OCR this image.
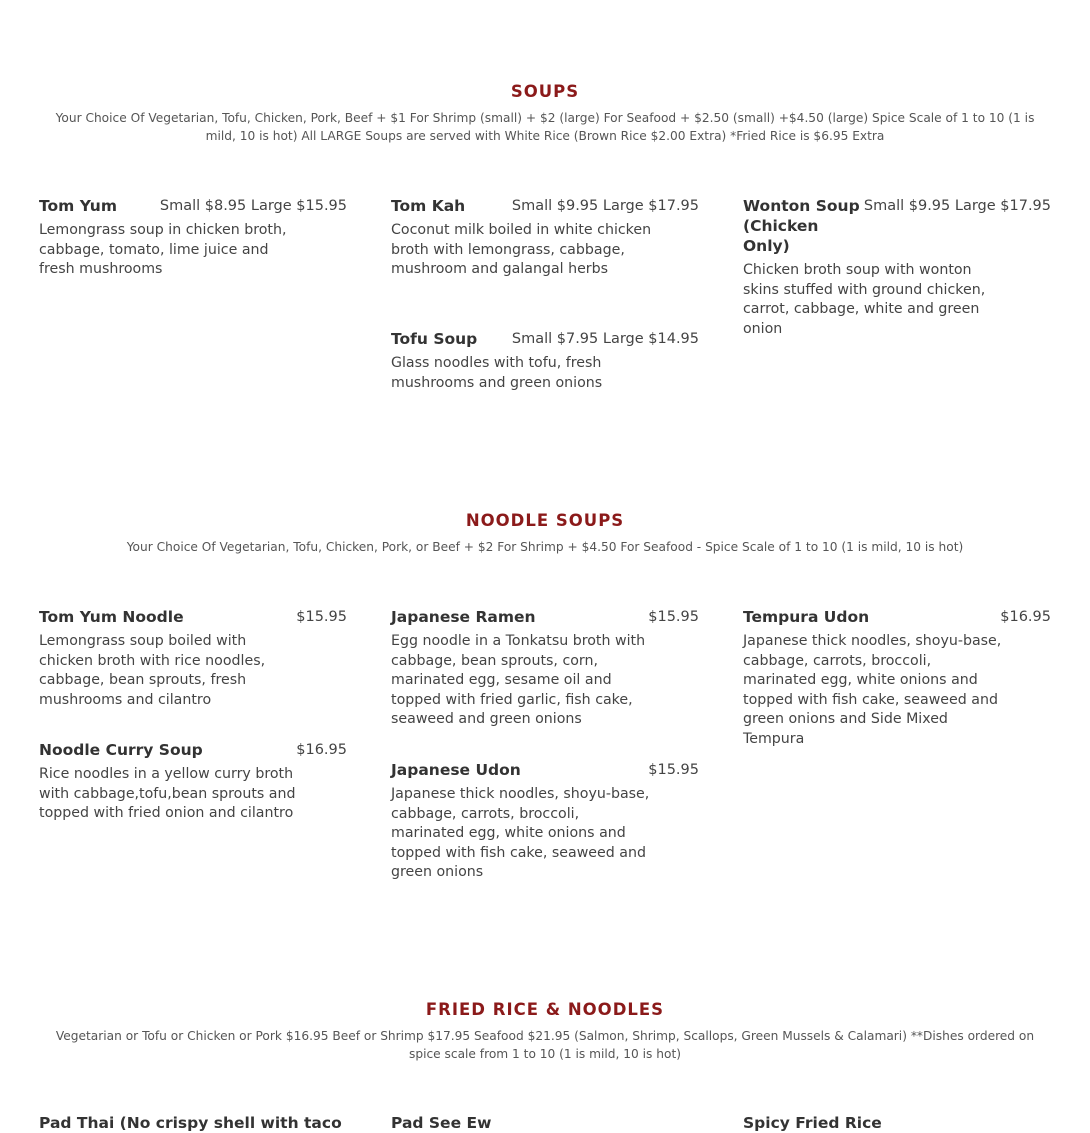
SOUPS

Your Choice Of Vegetarian, Tofu, Chicken, Pork, Beef + $1 For Shrimp (small) + $2 (large) For Seafood + $2.50 (small) +$4.50 (large) Spice Scale of 1 to 10 (1 is mild, 10 is hot) All LARGE Soups are served with White Rice (Brown Rice $2.00 Extra) *Fried Rice is $6.95 Extra

Tom Yum	Small $8.95 Large $15.95
Lemongrass soup in chicken broth, cabbage, tomato, lime juice and fresh mushrooms
Tom Kah	Small $9.95 Large $17.95
Coconut milk boiled in white chicken broth with lemongrass, cabbage, mushroom and galangal herbs
Wonton Soup (Chicken Only)
Small $9.95 Large $17.95
Chicken broth soup with wonton skins stuffed with ground chicken, carrot, cabbage, white and green onion
Tofu Soup	Small $7.95 Large $14.95
Glass noodles with tofu, fresh mushrooms and green onions
NOODLE SOUPS

Your Choice Of Vegetarian, Tofu, Chicken, Pork, or Beef + $2 For Shrimp + $4.50 For Seafood - Spice Scale of 1 to 10 (1 is mild, 10 is hot)

Tom Yum Noodle	$15.95
Lemongrass soup boiled with chicken broth with rice noodles, cabbage, bean sprouts, fresh mushrooms and cilantro
Japanese Ramen	$15.95
Egg noodle in a Tonkatsu broth with cabbage, bean sprouts, corn, marinated egg, sesame oil and topped with fried garlic, fish cake, seaweed and green onions
Tempura Udon	$16.95
Japanese thick noodles, shoyu-base, cabbage, carrots, broccoli, marinated egg, white onions and topped with fish cake, seaweed and green onions and Side Mixed Tempura
Noodle Curry Soup	$16.95
Rice noodles in a yellow curry broth with cabbage,tofu,bean sprouts and topped with fried onion and cilantro
Japanese Udon	$15.95
Japanese thick noodles, shoyu-base, cabbage, carrots, broccoli, marinated egg, white onions and topped with fish cake, seaweed and green onions
FRIED RICE & NOODLES

Vegetarian or Tofu or Chicken or Pork $16.95 Beef or Shrimp $17.95 Seafood $21.95 (Salmon, Shrimp, Scallops, Green Mussels & Calamari) **Dishes ordered on spice scale from 1 to 10 (1 is mild, 10 is hot)

Pad Thai (No crispy shell with taco	Pad See Ew	Spicy Fried Rice
